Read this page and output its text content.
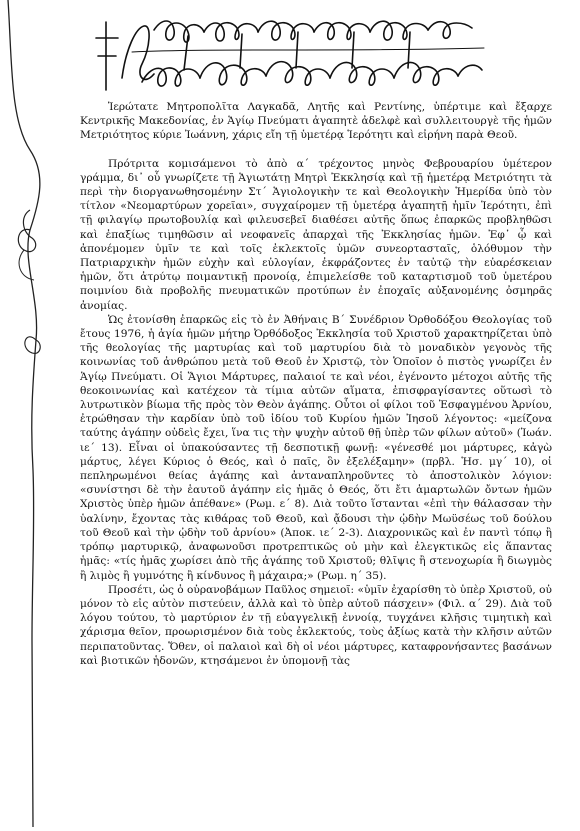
Ἱερώτατε Μητροπολῖτα Λαγκαδᾶ, Λητῆς καὶ Ρεντίνης, ὑπέρτιμε καὶ ἔξαρχε Κεντρικῆς Μακεδονίας, ἐν Ἁγίῳ Πνεύματι ἀγαπητὲ ἀδελφὲ καὶ συλλειτουργὲ τῆς ἡμῶν Μετριότητος κύριε Ἰωάννη, χάρις εἴη τῇ ὑμετέρᾳ Ἱερότητι καὶ εἰρήνη παρὰ Θεοῦ.

Πρότριτα κομισάμενοι τὸ ἀπὸ α΄ τρέχοντος μηνὸς Φεβρουαρίου ὑμέτερον γράμμα, δι᾽ οὗ γνωρίζετε τῇ Ἁγιωτάτῃ Μητρὶ Ἐκκλησίᾳ καὶ τῇ ἡμετέρᾳ Μετριότητι τὰ περὶ τὴν διοργανωθησομένην Στ΄ Ἁγιολογικὴν τε καὶ Θεολογικὴν Ἡμερίδα ὑπὸ τὸν τίτλον «Νεομαρτύρων χορεῖαι», συγχαίρομεν τῇ ὑμετέρᾳ ἀγαπητῇ ἡμῖν Ἱερότητι, ἐπὶ τῇ φιλαγίῳ πρωτοβουλίᾳ καὶ φιλευσεβεῖ διαθέσει αὐτῆς ὅπως ἐπαρκῶς προβληθῶσι καὶ ἐπαξίως τιμηθῶσιν αἱ νεοφανεῖς ἀπαρχαὶ τῆς Ἐκκλησίας ἡμῶν. Ἐφ᾽ ᾧ καὶ ἀπονέμομεν ὑμῖν τε καὶ τοῖς ἐκλεκτοῖς ὑμῶν συνεορτασταῖς, ὁλόθυμον τὴν Πατριαρχικὴν ἡμῶν εὐχὴν καὶ εὐλογίαν, ἐκφράζοντες ἐν ταὐτῷ τὴν εὐαρέσκειαν ἡμῶν, ὅτι ἀτρύτῳ ποιμαντικῇ προνοίᾳ, ἐπιμελείσθε τοῦ καταρτισμοῦ τοῦ ὑμετέρου ποιμνίου διὰ προβολῆς πνευματικῶν προτύπων ἐν ἐποχαῖς αὐξανομένης ὀσμηρᾶς ἀνομίας.

Ὡς ἐτονίσθη ἐπαρκῶς εἰς τὸ ἐν Ἀθήναις Β΄ Συνέδριον Ὀρθοδόξου Θεολογίας τοῦ ἔτους 1976, ἡ ἁγία ἡμῶν μήτηρ Ὀρθόδοξος Ἐκκλησία τοῦ Χριστοῦ χαρακτηρίζεται ὑπὸ τῆς θεολογίας τῆς μαρτυρίας καὶ τοῦ μαρτυρίου διὰ τὸ μοναδικὸν γεγονὸς τῆς κοινωνίας τοῦ ἀνθρώπου μετὰ τοῦ Θεοῦ ἐν Χριστῷ, τὸν Ὁποῖον ὁ πιστὸς γνωρίζει ἐν Ἁγίῳ Πνεύματι. Οἱ Ἅγιοι Μάρτυρες, παλαιοί τε καὶ νέοι, ἐγένοντο μέτοχοι αὐτῆς τῆς θεοκοινωνίας καὶ κατέχεον τὰ τίμια αὐτῶν αἵματα, ἐπισφραγίσαντες οὕτωσὶ τὸ λυτρωτικὸν βίωμα τῆς πρὸς τὸν Θεὸν ἀγάπης. Οὗτοι οἱ φίλοι τοῦ Ἐσφαγμένου Ἀρνίου, ἐτρώθησαν τὴν καρδίαν ὑπὸ τοῦ ἰδίου τοῦ Κυρίου ἡμῶν Ἰησοῦ λέγοντος: «μείζονα ταύτης ἀγάπην οὐδεὶς ἔχει, ἵνα τις τὴν ψυχὴν αὐτοῦ θῇ ὑπὲρ τῶν φίλων αὐτοῦ» (Ἰωάν. ιε΄ 13). Εἶναι οἱ ὑπακούσαντες τῇ δεσποτικῇ φωνῇ: «γένεσθέ μοι μάρτυρες, κἀγὼ μάρτυς, λέγει Κύριος ὁ Θεός, καὶ ὁ παῖς, ὃν ἐξελέξαμην» (πρβλ. Ἡσ. μγ΄ 10), οἱ πεπληρωμένοι θείας ἀγάπης καὶ ἀνταναπληροῦντες τὸ ἀποστολικὸν λόγιον: «συνίστησι δὲ τὴν ἑαυτοῦ ἀγάπην εἰς ἡμᾶς ὁ Θεός, ὅτι ἔτι ἁμαρτωλῶν ὄντων ἡμῶν Χριστὸς ὑπὲρ ἡμῶν ἀπέθανε» (Ρωμ. ε΄ 8). Διὰ τοῦτο ἵστανται «ἐπὶ τὴν θάλασσαν τὴν ὑαλίνην, ἔχοντας τὰς κιθάρας τοῦ Θεοῦ, καὶ ᾄδουσι τὴν ᾠδὴν Μωϋσέως τοῦ δούλου τοῦ Θεοῦ καὶ τὴν ᾠδὴν τοῦ ἀρνίου» (Ἀποκ. ιε΄ 2-3). Διαχρονικῶς καὶ ἐν παντὶ τόπῳ ἢ τρόπῳ μαρτυρικῷ, ἀναφωνοῦσι προτρεπτικῶς οὐ μὴν καὶ ἐλεγκτικῶς εἰς ἅπαντας ἡμᾶς: «τίς ἡμᾶς χωρίσει ἀπὸ τῆς ἀγάπης τοῦ Χριστοῦ; θλῖψις ἢ στενοχωρία ἢ διωγμὸς ἢ λιμὸς ἢ γυμνότης ἢ κίνδυνος ἢ μάχαιρα;» (Ρωμ. η΄ 35).

Προσέτι, ὡς ὁ οὐρανοβάμων Παῦλος σημειοῖ: «ὑμῖν ἐχαρίσθη τὸ ὑπὲρ Χριστοῦ, οὐ μόνον τὸ εἰς αὐτὸν πιστεύειν, ἀλλὰ καὶ τὸ ὑπὲρ αὐτοῦ πάσχειν» (Φιλ. α΄ 29). Διὰ τοῦ λόγου τούτου, τὸ μαρτύριον ἐν τῇ εὐαγγελικῇ ἐννοίᾳ, τυγχάνει κλῆσις τιμητικὴ καὶ χάρισμα θεῖον, προωρισμένον διὰ τοὺς ἐκλεκτούς, τοὺς ἀξίως κατὰ τὴν κλῆσιν αὐτῶν περιπατοῦντας. Ὅθεν, οἱ παλαιοὶ καὶ δὴ οἱ νέοι μάρτυρες, καταφρονήσαντες βασάνων καὶ βιοτικῶν ἡδονῶν, κτησάμενοι ἐν ὑπομονῇ τὰς
